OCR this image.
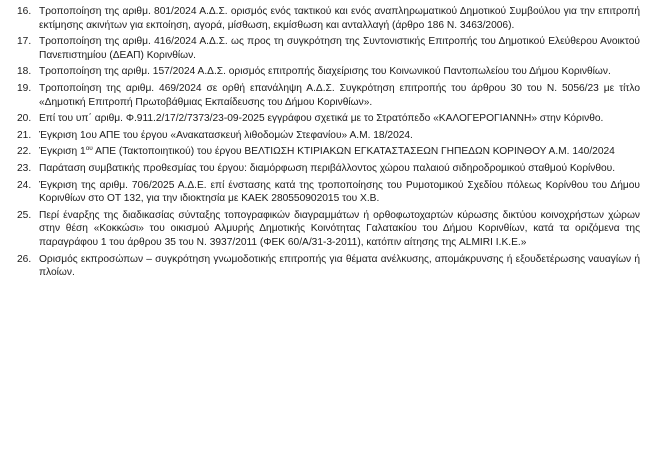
16. Τροποποίηση της αριθμ. 801/2024 Α.Δ.Σ. ορισμός ενός τακτικού και ενός αναπληρωματικού Δημοτικού Συμβούλου για την επιτροπή εκτίμησης ακινήτων για εκποίηση, αγορά, μίσθωση, εκμίσθωση και ανταλλαγή (άρθρο 186 Ν. 3463/2006).
17. Τροποποίηση της αριθμ. 416/2024 Α.Δ.Σ. ως προς τη συγκρότηση της Συντονιστικής Επιτροπής του Δημοτικού Ελεύθερου Ανοικτού Πανεπιστημίου (ΔΕΑΠ) Κορινθίων.
18. Τροποποίηση της αριθμ. 157/2024 Α.Δ.Σ. ορισμός επιτροπής διαχείρισης του Κοινωνικού Παντοπωλείου του Δήμου Κορινθίων.
19. Τροποποίηση της αριθμ. 469/2024 σε ορθή επανάληψη Α.Δ.Σ. Συγκρότηση επιτροπής του άρθρου 30 του Ν. 5056/23 με τίτλο «Δημοτική Επιτροπή Πρωτοβάθμιας Εκπαίδευσης του Δήμου Κορινθίων».
20. Επί του υπ΄ αριθμ. Φ.911.2/17/2/7373/23-09-2025 εγγράφου σχετικά με το Στρατόπεδο «ΚΑΛΟΓΕΡΟΓΙΑΝΝΗ» στην Κόρινθο.
21. Έγκριση 1ου ΑΠΕ του έργου «Ανακατασκευή λιθοδομών Στεφανίου» Α.Μ. 18/2024.
22. Έγκριση $1^{o\upsilon}$ ΑΠΕ (Τακτοποιητικού) του έργου ΒΕΛΤΙΩΣΗ ΚΤΙΡΙΑΚΩΝ ΕΓΚΑΤΑΣΤΑΣΕΩΝ ΓΗΠΕΔΩΝ ΚΟΡΙΝΘΟΥ Α.Μ. 140/2024
23. Παράταση συμβατικής προθεσμίας του έργου: διαμόρφωση περιβάλλοντος χώρου παλαιού σιδηροδρομικού σταθμού Κορίνθου.
24. Έγκριση της αριθμ. 706/2025 Α.Δ.Ε. επί ένστασης κατά της τροποποίησης του Ρυμοτομικού Σχεδίου πόλεως Κορίνθου του Δήμου Κορινθίων στο ΟΤ 132, για την ιδιοκτησία με ΚΑΕΚ 280550902015 του Χ.Β.
25. Περί έναρξης της διαδικασίας σύνταξης τοπογραφικών διαγραμμάτων ή ορθοφωτοχαρτών κύρωσης δικτύου κοινοχρήστων χώρων στην θέση «Κοκκώσι» του οικισμού Αλμυρής Δημοτικής Κοινότητας Γαλατακίου του Δήμου Κορινθίων, κατά τα οριζόμενα της παραγράφου 1 του άρθρου 35 του Ν. 3937/2011 (ΦΕΚ 60/Α/31-3-2011), κατόπιν αίτησης της ALMIRI I.K.E.»
26. Ορισμός εκπροσώπων – συγκρότηση γνωμοδοτικής επιτροπής για θέματα ανέλκυσης, απομάκρυνσης ή εξουδετέρωσης ναυαγίων ή πλοίων.
